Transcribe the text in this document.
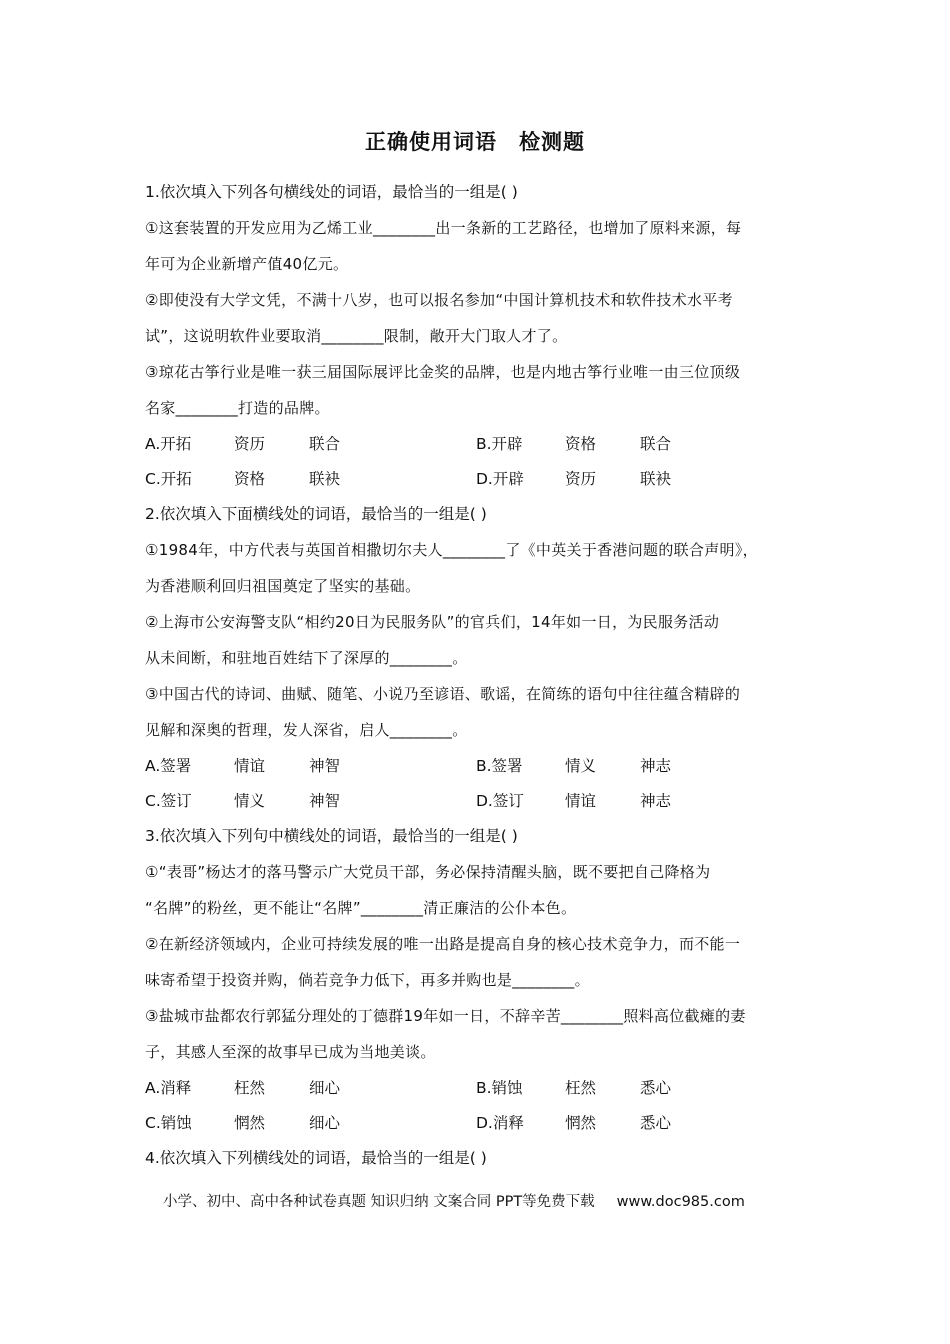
正确使用词语　检测题
1.依次填入下列各句横线处的词语，最恰当的一组是( )
①这套装置的开发应用为乙烯工业________出一条新的工艺路径，也增加了原料来源，每
年可为企业新增产值40亿元。
②即使没有大学文凭，不满十八岁，也可以报名参加“中国计算机技术和软件技术水平考
试”，这说明软件业要取消________限制，敞开大门取人才了。
③琼花古筝行业是唯一获三届国际展评比金奖的品牌，也是内地古筝行业唯一由三位顶级
名家________打造的品牌。
A.开拓	资历	联合	B.开辟	资格	联合
C.开拓	资格	联袂	D.开辟	资历	联袂
2.依次填入下面横线处的词语，最恰当的一组是( )
①1984年，中方代表与英国首相撒切尔夫人________了《中英关于香港问题的联合声明》，
为香港顺利回归祖国奠定了坚实的基础。
②上海市公安海警支队“相约20日为民服务队”的官兵们，14年如一日，为民服务活动
从未间断，和驻地百姓结下了深厚的________。
③中国古代的诗词、曲赋、随笔、小说乃至谚语、歌谣，在简练的语句中往往蕴含精辟的
见解和深奥的哲理，发人深省，启人________。
A.签署	情谊	神智	B.签署	情义	神志
C.签订	情义	神智	D.签订	情谊	神志
3.依次填入下列句中横线处的词语，最恰当的一组是( )
①“表哥”杨达才的落马警示广大党员干部，务必保持清醒头脑，既不要把自己降格为
“名牌”的粉丝，更不能让“名牌”________清正廉洁的公仆本色。
②在新经济领域内，企业可持续发展的唯一出路是提高自身的核心技术竞争力，而不能一
味寄希望于投资并购，倘若竞争力低下，再多并购也是________。
③盐城市盐都农行郭猛分理处的丁德群19年如一日，不辞辛苦________照料高位截瘫的妻
子，其感人至深的故事早已成为当地美谈。
A.消释	枉然	细心	B.销蚀	枉然	悉心
C.销蚀	惘然	细心	D.消释	惘然	悉心
4.依次填入下列横线处的词语，最恰当的一组是( )
小学、初中、高中各种试卷真题 知识归纳 文案合同 PPT等免费下载 www.doc985.com
